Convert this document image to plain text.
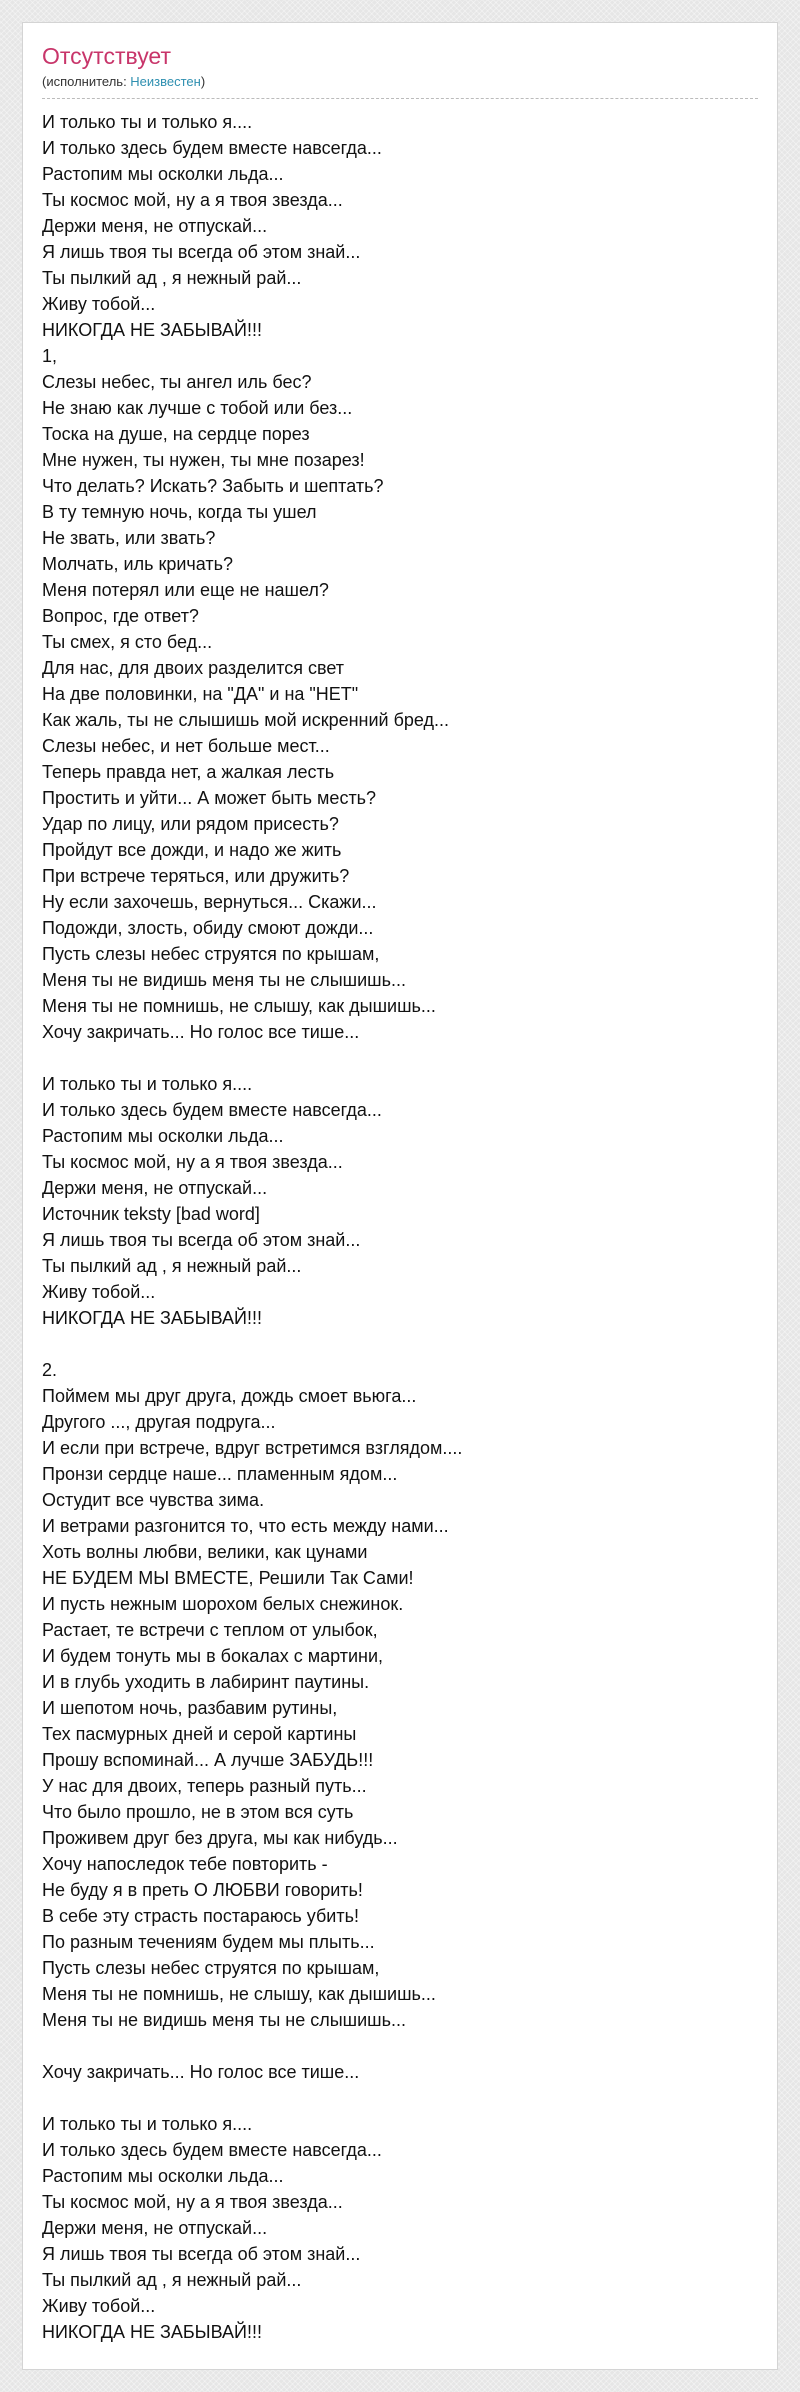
Отсутствует
(исполнитель: Неизвестен)
И только ты и только я....
И только здесь будем вместе навсегда...
Растопим мы осколки льда...
Ты космос мой, ну а я твоя звезда...
Держи меня, не отпускай...
Я лишь твоя ты всегда об этом знай...
Ты пылкий ад , я нежный рай...
Живу тобой...
НИКОГДА НЕ ЗАБЫВАЙ!!!
1,
Слезы небес, ты ангел иль бес?
Не знаю как лучше с тобой или без...
Тоска на душе, на сердце порез
Мне нужен, ты нужен, ты мне позарез!
Что делать? Искать? Забыть и шептать?
В ту темную ночь, когда ты ушел
Не звать, или звать?
Молчать, иль кричать?
Меня потерял или еще не нашел?
Вопрос, где ответ?
Ты смех, я сто бед...
Для нас, для двоих разделится свет
На две половинки, на "ДА" и на "НЕТ"
Как жаль, ты не слышишь мой искренний бред...
Слезы небес, и нет больше мест...
Теперь правда нет, а жалкая лесть
Простить и уйти... А может быть месть?
Удар по лицу, или рядом присесть?
Пройдут все дожди, и надо же жить
При встрече теряться, или дружить?
Ну если захочешь, вернуться... Скажи...
Подожди, злость, обиду смоют дожди...
Пусть слезы небес струятся по крышам,
Меня ты не видишь меня ты не слышишь...
Меня ты не помнишь, не слышу, как дышишь...
Хочу закричать... Но голос все тише...
И только ты и только я....
И только здесь будем вместе навсегда...
Растопим мы осколки льда...
Ты космос мой, ну а я твоя звезда...
Держи меня, не отпускай...
Источник teksty [bad word]
Я лишь твоя ты всегда об этом знай...
Ты пылкий ад , я нежный рай...
Живу тобой...
НИКОГДА НЕ ЗАБЫВАЙ!!!
2.
Поймем мы друг друга, дождь смоет вьюга...
Другого ..., другая подруга...
И если при встрече, вдруг встретимся взглядом....
Пронзи сердце наше... пламенным ядом...
Остудит все чувства зима.
И ветрами разгонится то, что есть между нами...
Хоть волны любви, велики, как цунами
НЕ БУДЕМ МЫ ВМЕСТЕ, Решили Так Сами!
И пусть нежным шорохом белых снежинок.
Растает, те встречи с теплом от улыбок,
И будем тонуть мы в бокалах с мартини,
И в глубь уходить в лабиринт паутины.
И шепотом ночь, разбавим рутины,
Тех пасмурных дней и серой картины
Прошу вспоминай... А лучше ЗАБУДЬ!!!
У нас для двоих, теперь разный путь...
Что было прошло, не в этом вся суть
Проживем друг без друга, мы как нибудь...
Хочу напоследок тебе повторить -
Не буду я в преть О ЛЮБВИ говорить!
В себе эту страсть постараюсь убить!
По разным течениям будем мы плыть...
Пусть слезы небес струятся по крышам,
Меня ты не помнишь, не слышу, как дышишь...
Меня ты не видишь меня ты не слышишь...
Хочу закричать... Но голос все тише...
И только ты и только я....
И только здесь будем вместе навсегда...
Растопим мы осколки льда...
Ты космос мой, ну а я твоя звезда...
Держи меня, не отпускай...
Я лишь твоя ты всегда об этом знай...
Ты пылкий ад , я нежный рай...
Живу тобой...
НИКОГДА НЕ ЗАБЫВАЙ!!!
